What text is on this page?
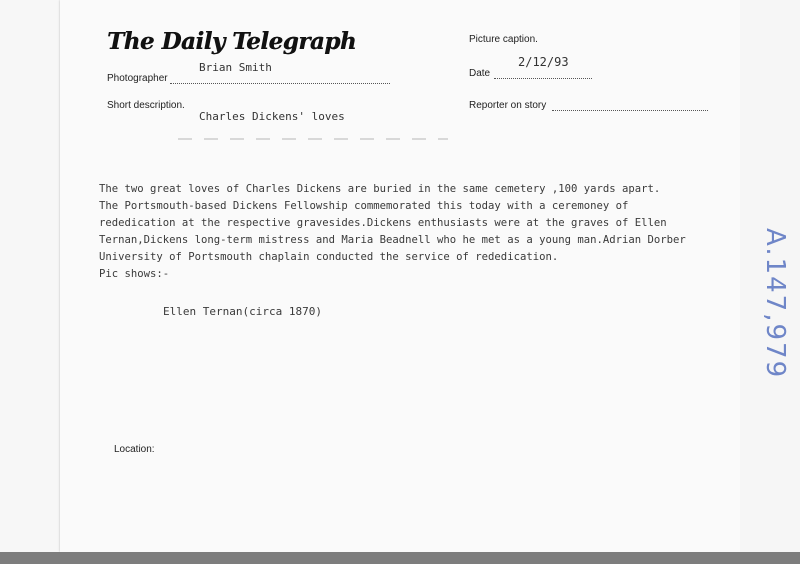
The Daily Telegraph	Picture caption.
Brian Smith
Photographer
2/12/93
Date
Short description.
Charles Dickens' loves
Reporter on story
The two great loves of Charles Dickens are buried in the same cemetery ,100 yards apart.
The Portsmouth-based Dickens Fellowship commemorated this today with a ceremoney of
rededication at the respective gravesides.Dickens enthusiasts were at the graves of Ellen
Ternan,Dickens long-term mistress and Maria Beadnell who he met as a young man.Adrian Dorber
University of Portsmouth chaplain conducted the service of rededication.
Pic shows:-
Ellen Ternan(circa 1870)
Location:
A.147,979
